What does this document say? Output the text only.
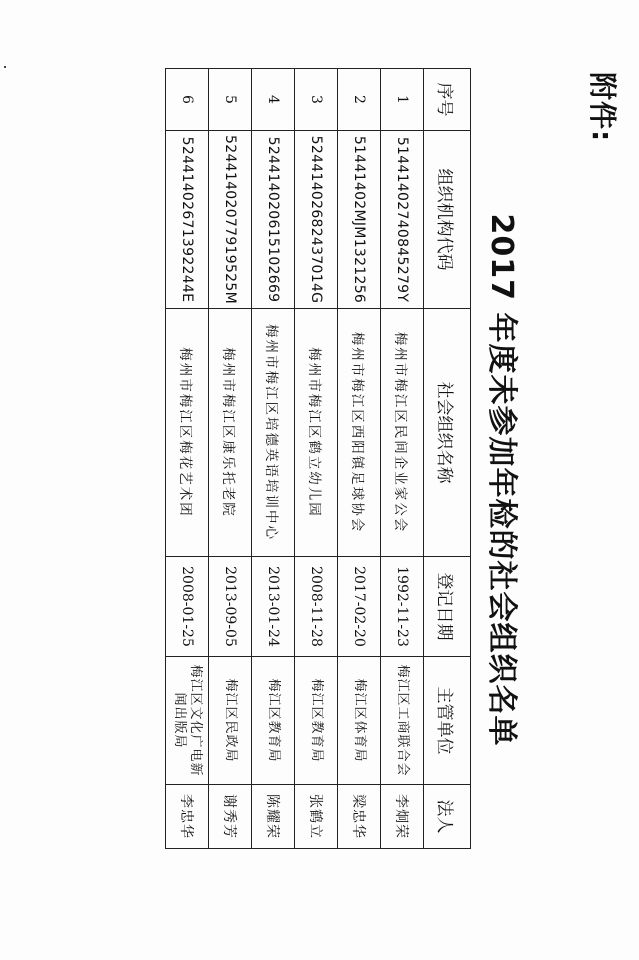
附件:
2017 年度未参加年检的社会组织名单
序号	组织机构代码	社会组织名称	登记日期	主管单位	法人
1	514414027408452​79Y	梅州市梅江区民间企业家公会	1992-11-23	梅江区工商联合会	李炯荣
2	5144140​2MJM1321256	梅州市梅江区西阳镇足球协会	2017-02-20	梅江区体育局	梁忠华
3	524414026824370​14G	梅州市梅江区鹤立幼儿园	2008-11-28	梅江区教育局	张鹤立
4	524414020615102669	梅州市梅江区培德英语培训中心	2013-01-24	梅江区教育局	陈耀荣
5	52441402077919525M	梅州市梅江区康乐托老院	2013-09-05	梅江区民政局	谢秀芳
6	52441402671392244E	梅州市梅江区梅花艺术团	2008-01-25	梅江区文化广电新闻出版局	李忠华
